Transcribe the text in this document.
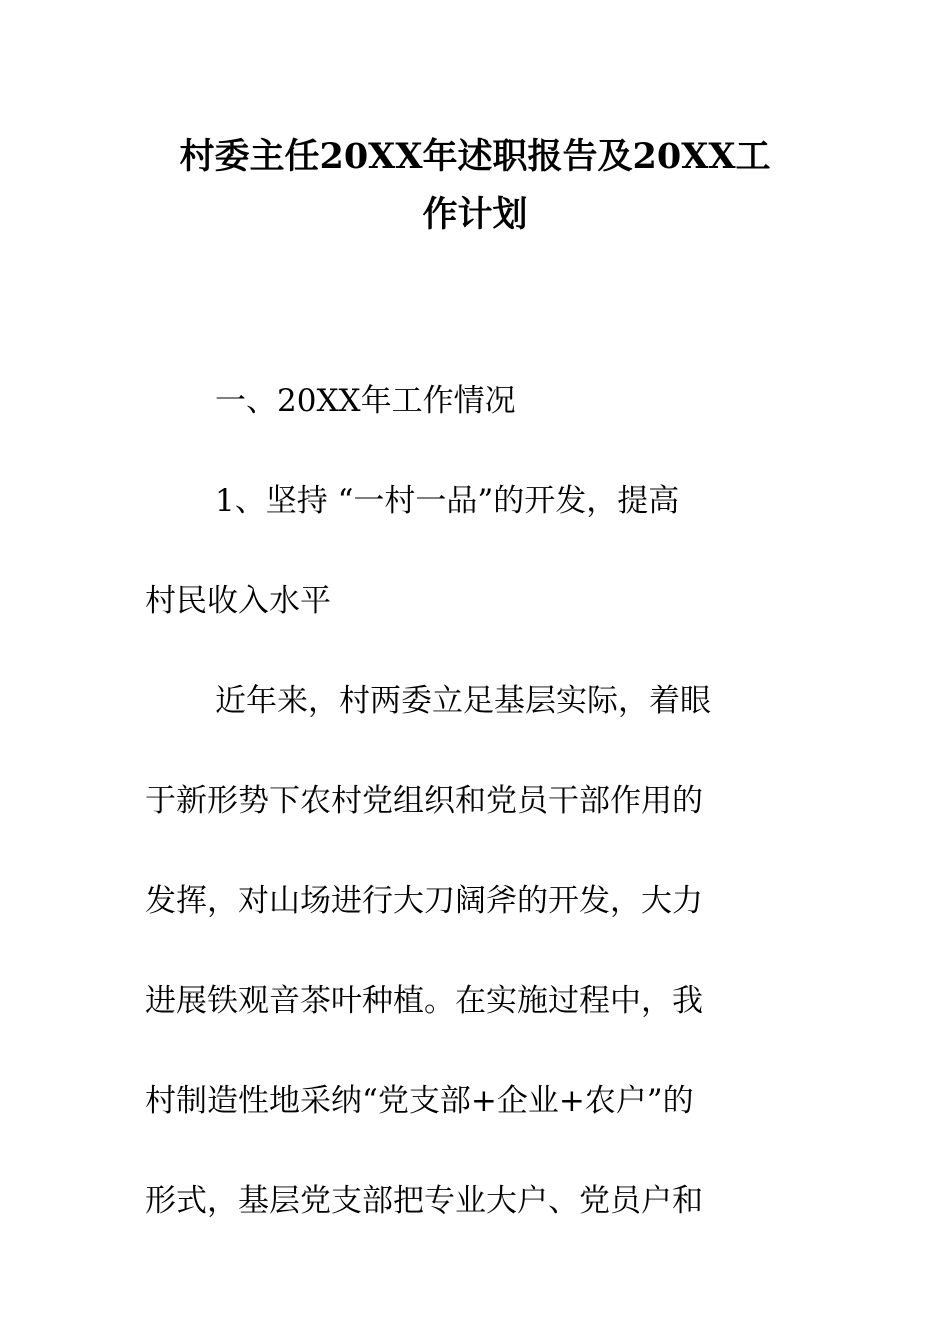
村委主任20XX年述职报告及20XX工
作计划
一、20XX年工作情况
1、坚持 “一村一品”的开发，提高
村民收入水平
近年来，村两委立足基层实际，着眼
于新形势下农村党组织和党员干部作用的
发挥，对山场进行大刀阔斧的开发，大力
进展铁观音茶叶种植。在实施过程中，我
村制造性地采纳“党支部+企业+农户”的
形式，基层党支部把专业大户、党员户和
